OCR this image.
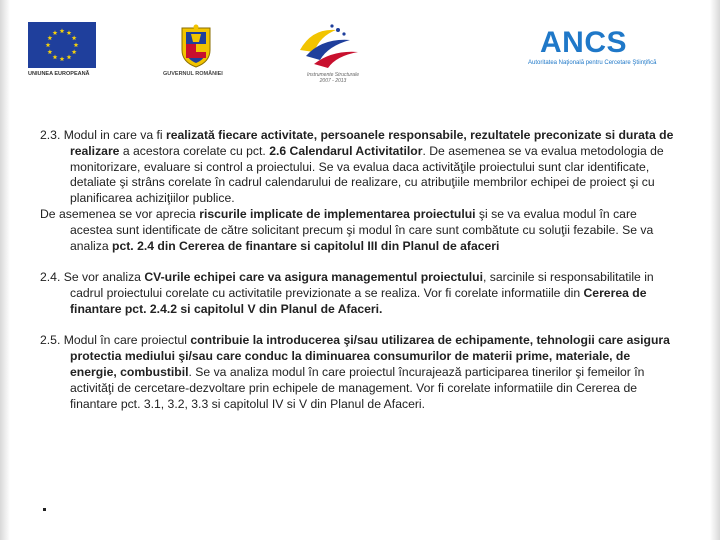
UNIUNEA EUROPEANĂ	GUVERNUL ROMÂNIEI	Instrumente Structurale
2007 - 2013
ANCS
Autoritatea Naţională pentru Cercetare Ştiinţifică

2.3. Modul in care va fi realizată fiecare activitate, persoanele responsabile, rezultatele preconizate si durata de realizare a acestora corelate cu pct. 2.6 Calendarul Activitatilor. De asemenea se va evalua metodologia de monitorizare, evaluare si control a proiectului. Se va evalua daca activităţile proiectului sunt clar identificate, detaliate şi strâns corelate în cadrul calendarului de realizare, cu atribuţiile membrilor echipei de proiect şi cu planificarea achiziţiilor publice.

De asemenea se vor aprecia riscurile implicate de implementarea proiectului şi se va evalua modul în care acestea sunt identificate de către solicitant precum şi modul în care sunt combătute cu soluţii fezabile. Se va analiza pct. 2.4 din Cererea de finantare si capitolul III din Planul de afaceri

2.4. Se vor analiza CV-urile echipei care va asigura managementul proiectului, sarcinile si responsabilitatile in cadrul proiectului corelate cu activitatile previzionate a se realiza. Vor fi corelate informatiile din Cererea de finantare pct. 2.4.2 si capitolul V din Planul de Afaceri.

2.5. Modul în care proiectul contribuie la introducerea şi/sau utilizarea de echipamente, tehnologii care asigura protectia mediului şi/sau care conduc la diminuarea consumurilor de materii prime, materiale, de energie, combustibil. Se va analiza modul în care proiectul încurajează participarea tinerilor şi femeilor în activităţi de cercetare-dezvoltare prin echipele de management. Vor fi corelate informatiile din Cererea de finantare pct. 3.1, 3.2, 3.3 si capitolul IV si V din Planul de Afaceri.
